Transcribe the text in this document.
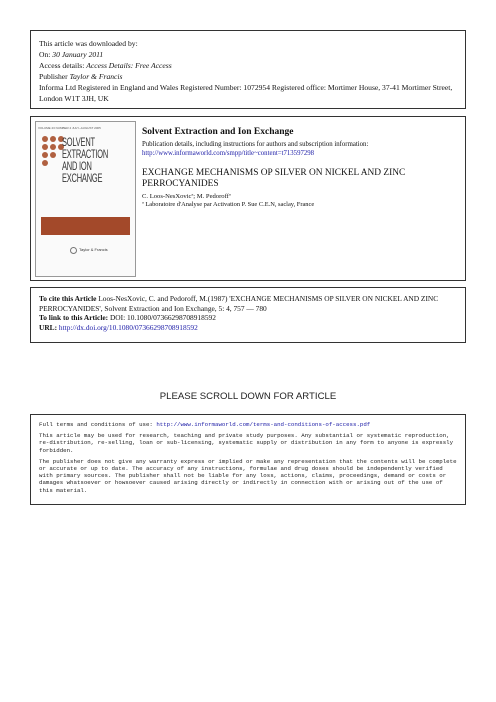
This article was downloaded by:
On: 30 January 2011
Access details: Access Details: Free Access
Publisher Taylor & Francis
Informa Ltd Registered in England and Wales Registered Number: 1072954 Registered office: Mortimer House, 37-41 Mortimer Street, London W1T 3JH, UK
VOLUME 23 NUMBER 4 JULY–AUGUST 2005
SOLVENT
EXTRACTION
AND ION
EXCHANGE
Taylor & Francis
Solvent Extraction and Ion Exchange
Publication details, including instructions for authors and subscription information:
http://www.informaworld.com/smpp/title~content=t713597298
EXCHANGE MECHANISMS OP SILVER ON NICKEL AND ZINC PERROCYANIDES
C. Loos-NesXovicª; M. Pedoroffª
ª Laboratoire d'Analyse par Activation P. Sue C.E.N, saclay, France
To cite this Article Loos-NesXovic, C. and Pedoroff, M.(1987) 'EXCHANGE MECHANISMS OP SILVER ON NICKEL AND ZINC PERROCYANIDES', Solvent Extraction and Ion Exchange, 5: 4, 757 — 780
To link to this Article: DOI: 10.1080/07366298708918592
URL: http://dx.doi.org/10.1080/07366298708918592
PLEASE SCROLL DOWN FOR ARTICLE

Full terms and conditions of use: http://www.informaworld.com/terms-and-conditions-of-access.pdf

This article may be used for research, teaching and private study purposes. Any substantial or systematic reproduction, re-distribution, re-selling, loan or sub-licensing, systematic supply or distribution in any form to anyone is expressly forbidden.

The publisher does not give any warranty express or implied or make any representation that the contents will be complete or accurate or up to date. The accuracy of any instructions, formulae and drug doses should be independently verified with primary sources. The publisher shall not be liable for any loss, actions, claims, proceedings, demand or costs or damages whatsoever or howsoever caused arising directly or indirectly in connection with or arising out of the use of this material.
